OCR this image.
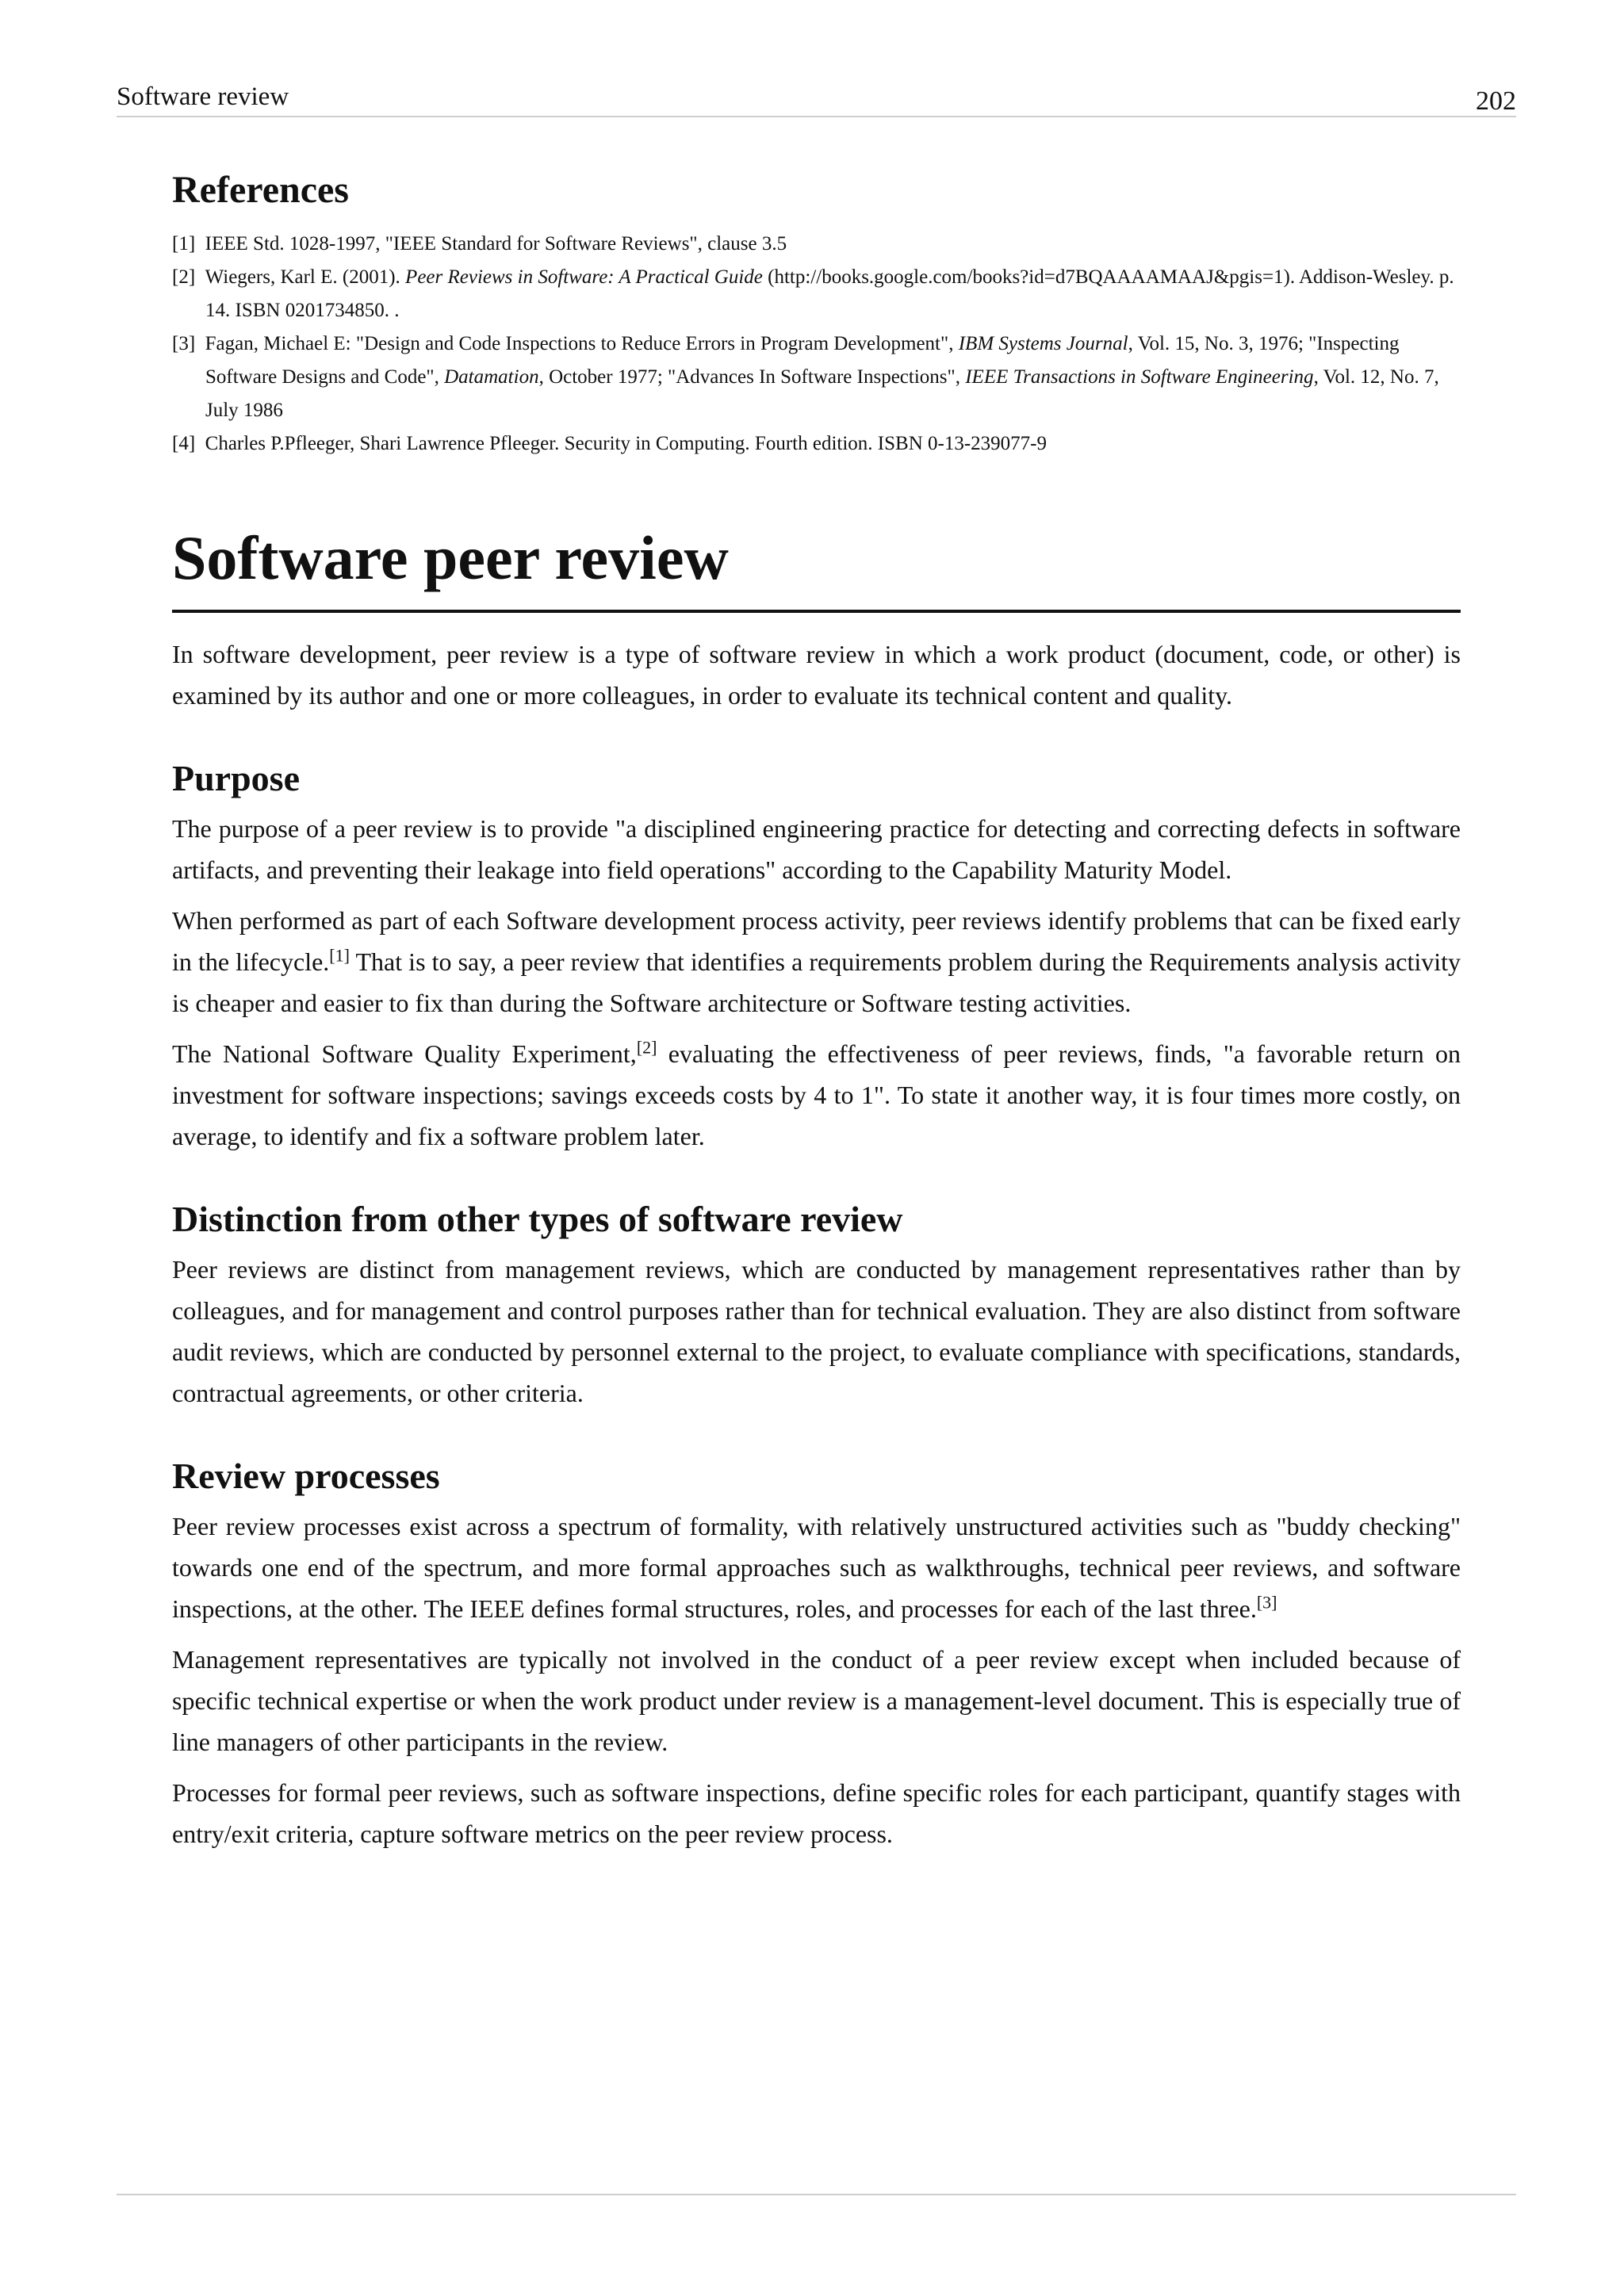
Software review	202
References
[1] IEEE Std. 1028-1997, "IEEE Standard for Software Reviews", clause 3.5
[2] Wiegers, Karl E. (2001). Peer Reviews in Software: A Practical Guide (http://books.google.com/books?id=d7BQAAAAMAAJ&pgis=1). Addison-Wesley. p. 14. ISBN 0201734850. .
[3] Fagan, Michael E: "Design and Code Inspections to Reduce Errors in Program Development", IBM Systems Journal, Vol. 15, No. 3, 1976; "Inspecting Software Designs and Code", Datamation, October 1977; "Advances In Software Inspections", IEEE Transactions in Software Engineering, Vol. 12, No. 7, July 1986
[4] Charles P.Pfleeger, Shari Lawrence Pfleeger. Security in Computing. Fourth edition. ISBN 0-13-239077-9
Software peer review

In software development, peer review is a type of software review in which a work product (document, code, or other) is examined by its author and one or more colleagues, in order to evaluate its technical content and quality.

Purpose

The purpose of a peer review is to provide "a disciplined engineering practice for detecting and correcting defects in software artifacts, and preventing their leakage into field operations" according to the Capability Maturity Model.

When performed as part of each Software development process activity, peer reviews identify problems that can be fixed early in the lifecycle.[1] That is to say, a peer review that identifies a requirements problem during the Requirements analysis activity is cheaper and easier to fix than during the Software architecture or Software testing activities.

The National Software Quality Experiment,[2] evaluating the effectiveness of peer reviews, finds, "a favorable return on investment for software inspections; savings exceeds costs by 4 to 1". To state it another way, it is four times more costly, on average, to identify and fix a software problem later.

Distinction from other types of software review

Peer reviews are distinct from management reviews, which are conducted by management representatives rather than by colleagues, and for management and control purposes rather than for technical evaluation. They are also distinct from software audit reviews, which are conducted by personnel external to the project, to evaluate compliance with specifications, standards, contractual agreements, or other criteria.

Review processes

Peer review processes exist across a spectrum of formality, with relatively unstructured activities such as "buddy checking" towards one end of the spectrum, and more formal approaches such as walkthroughs, technical peer reviews, and software inspections, at the other. The IEEE defines formal structures, roles, and processes for each of the last three.[3]

Management representatives are typically not involved in the conduct of a peer review except when included because of specific technical expertise or when the work product under review is a management-level document. This is especially true of line managers of other participants in the review.

Processes for formal peer reviews, such as software inspections, define specific roles for each participant, quantify stages with entry/exit criteria, capture software metrics on the peer review process.
